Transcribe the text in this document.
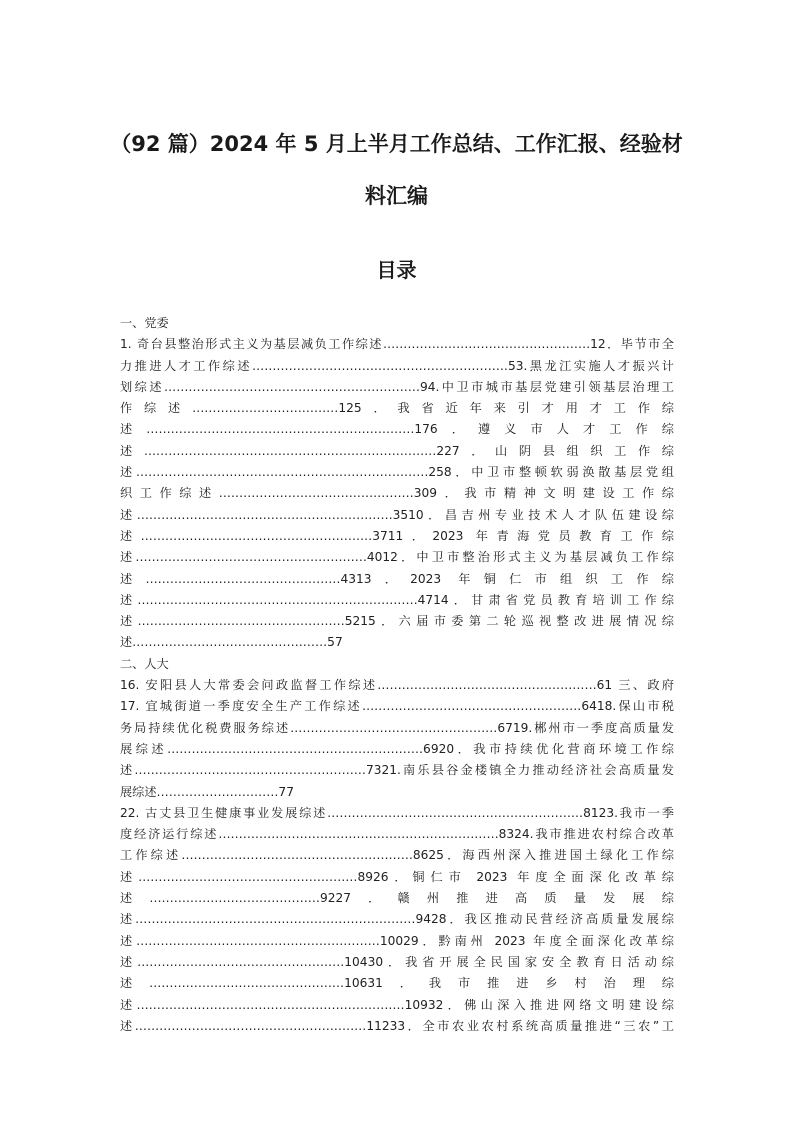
（92 篇）2024 年 5 月上半月工作总结、工作汇报、经验材
料汇编
目录
一、党委
1. 奇台县整治形式主义为基层减负工作综述……………………………………………12．毕节市全
力推进人才工作综述………………………………………………………53.黑龙江实施人才振兴计
划综述………………………………………………………94.中卫市城市基层党建引领基层治理工
作综述………………………………125．我省近年来引才用才工作综
述…………………………………………………………176．遵义市人才工作综
述………………………………………………………………227．山阴县组织工作综
述………………………………………………………………258．中卫市整顿软弱涣散基层党组
织工作综述…………………………………………309．我市精神文明建设工作综
述………………………………………………………3510．昌吉州专业技术人才队伍建设综
述…………………………………………………3711．2023 年青海党员教育工作综
述…………………………………………………4012．中卫市整治形式主义为基层减负工作综
述…………………………………………4313．2023 年铜仁市组织工作综
述……………………………………………………………4714．甘肃省党员教育培训工作综
述……………………………………………5215．六届市委第二轮巡视整改进展情况综
述…………………………………………57
二、人大
16. 安阳县人大常委会问政监督工作综述………………………………………………61 三、政府
17. 宜城街道一季度安全生产工作综述………………………………………………6418.保山市税
务局持续优化税费服务综述……………………………………………6719.郴州市一季度高质量发
展综述………………………………………………………6920．我市持续优化营商环境工作综
述…………………………………………………7321.南乐县谷金楼镇全力推动经济社会高质量发
展综述…………………………77
22. 古丈县卫生健康事业发展综述………………………………………………………8123.我市一季
度经济运行综述……………………………………………………………8324.我市推进农村综合改革
工作综述…………………………………………………8625．海西州深入推进国土绿化工作综
述………………………………………………8926．铜仁市 2023 年度全面深化改革综
述……………………………………9227．赣州推进高质量发展综
述……………………………………………………………9428．我区推动民营经济高质量发展综
述……………………………………………………10029．黔南州 2023 年度全面深化改革综
述……………………………………………10430．我省开展全民国家安全教育日活动综
述…………………………………………10631．我市推进乡村治理综
述…………………………………………………………10932．佛山深入推进网络文明建设综
述…………………………………………………11233．全市农业农村系统高质量推进“三农”工
